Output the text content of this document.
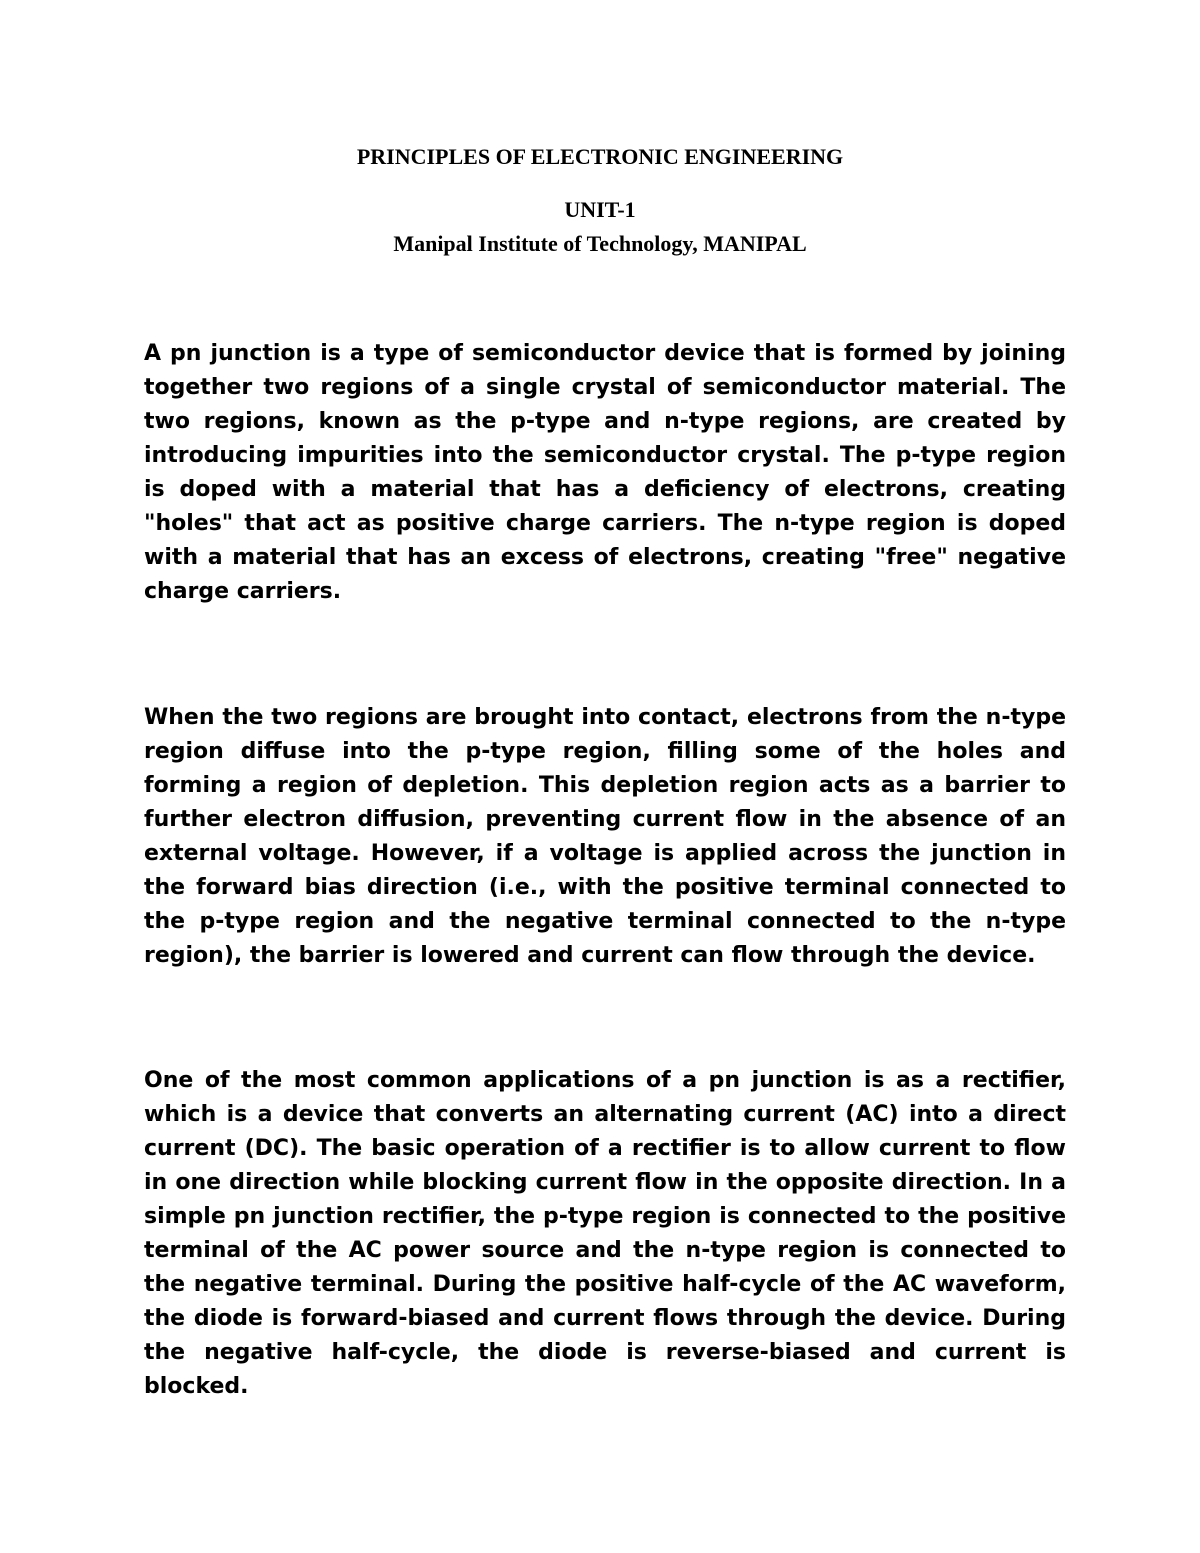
PRINCIPLES OF ELECTRONIC ENGINEERING
UNIT-1
Manipal Institute of Technology, MANIPAL

A pn junction is a type of semiconductor device that is formed by joining together two regions of a single crystal of semiconductor material. The two regions, known as the p-type and n-type regions, are created by introducing impurities into the semiconductor crystal. The p-type region is doped with a material that has a deficiency of electrons, creating "holes" that act as positive charge carriers. The n-type region is doped with a material that has an excess of electrons, creating "free" negative charge carriers.

When the two regions are brought into contact, electrons from the n-type region diffuse into the p-type region, filling some of the holes and forming a region of depletion. This depletion region acts as a barrier to further electron diffusion, preventing current flow in the absence of an external voltage. However, if a voltage is applied across the junction in the forward bias direction (i.e., with the positive terminal connected to the p-type region and the negative terminal connected to the n-type region), the barrier is lowered and current can flow through the device.

One of the most common applications of a pn junction is as a rectifier, which is a device that converts an alternating current (AC) into a direct current (DC). The basic operation of a rectifier is to allow current to flow in one direction while blocking current flow in the opposite direction. In a simple pn junction rectifier, the p-type region is connected to the positive terminal of the AC power source and the n-type region is connected to the negative terminal. During the positive half-cycle of the AC waveform, the diode is forward-biased and current flows through the device. During the negative half-cycle, the diode is reverse-biased and current is blocked.
